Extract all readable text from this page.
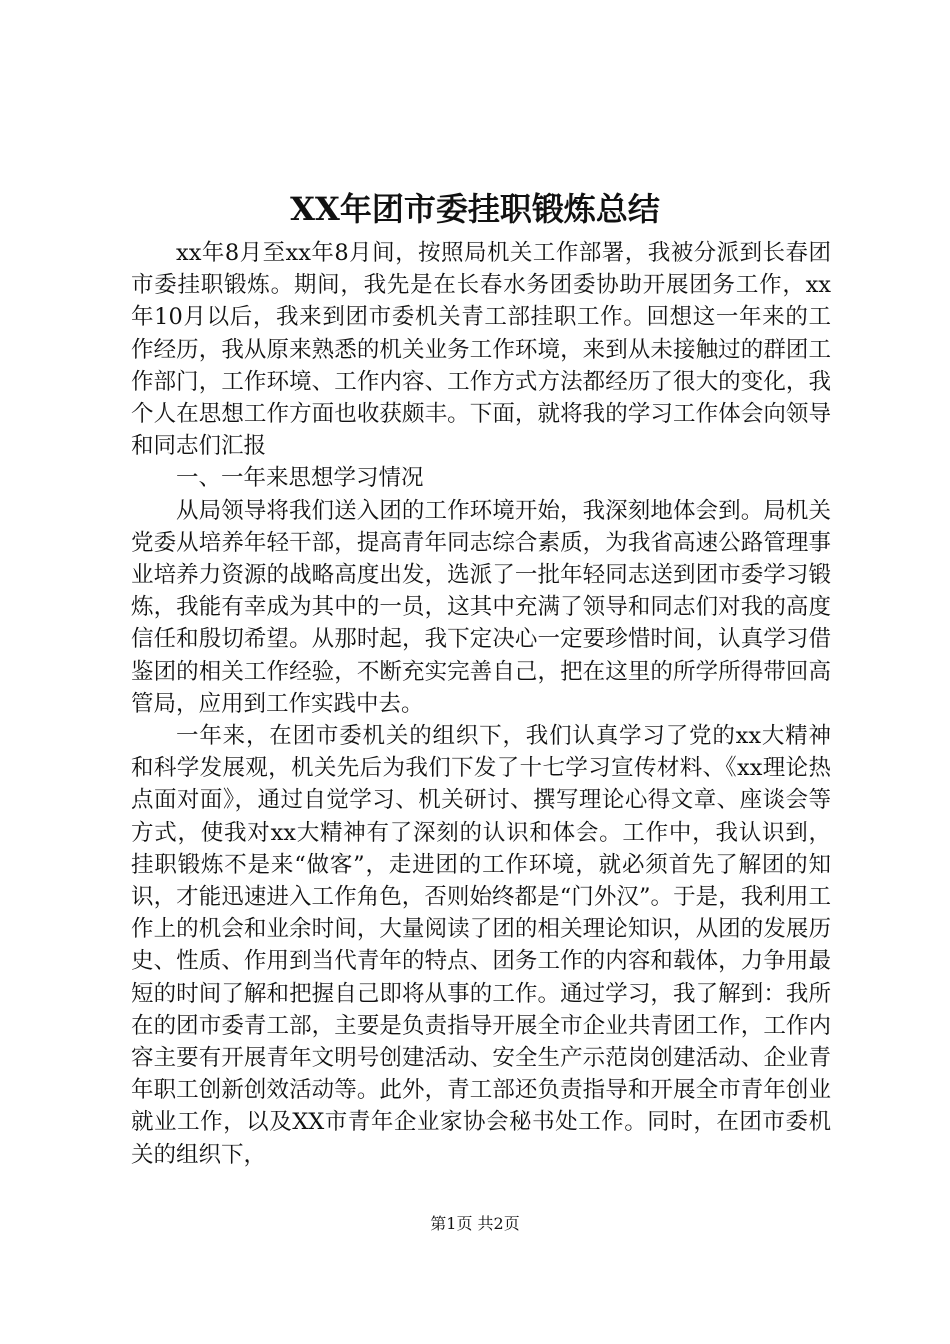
XX年团市委挂职锻炼总结

xx年8月至xx年8月间，按照局机关工作部署，我被分派到长春团市委挂职锻炼。期间，我先是在长春水务团委协助开展团务工作，xx年10月以后，我来到团市委机关青工部挂职工作。回想这一年来的工作经历，我从原来熟悉的机关业务工作环境，来到从未接触过的群团工作部门，工作环境、工作内容、工作方式方法都经历了很大的变化，我个人在思想工作方面也收获颇丰。下面，就将我的学习工作体会向领导和同志们汇报

一、一年来思想学习情况

从局领导将我们送入团的工作环境开始，我深刻地体会到。局机关党委从培养年轻干部，提高青年同志综合素质，为我省高速公路管理事业培养力资源的战略高度出发，选派了一批年轻同志送到团市委学习锻炼，我能有幸成为其中的一员，这其中充满了领导和同志们对我的高度信任和殷切希望。从那时起，我下定决心一定要珍惜时间，认真学习借鉴团的相关工作经验，不断充实完善自己，把在这里的所学所得带回高管局，应用到工作实践中去。

一年来，在团市委机关的组织下，我们认真学习了党的xx大精神和科学发展观，机关先后为我们下发了十七学习宣传材料、《xx理论热点面对面》，通过自觉学习、机关研讨、撰写理论心得文章、座谈会等方式，使我对xx大精神有了深刻的认识和体会。工作中，我认识到，挂职锻炼不是来“做客”，走进团的工作环境，就必须首先了解团的知识，才能迅速进入工作角色，否则始终都是“门外汉”。于是，我利用工作上的机会和业余时间，大量阅读了团的相关理论知识，从团的发展历史、性质、作用到当代青年的特点、团务工作的内容和载体，力争用最短的时间了解和把握自己即将从事的工作。通过学习，我了解到：我所在的团市委青工部，主要是负责指导开展全市企业共青团工作，工作内容主要有开展青年文明号创建活动、安全生产示范岗创建活动、企业青年职工创新创效活动等。此外，青工部还负责指导和开展全市青年创业就业工作，以及XX市青年企业家协会秘书处工作。同时，在团市委机关的组织下，

第1页 共2页
